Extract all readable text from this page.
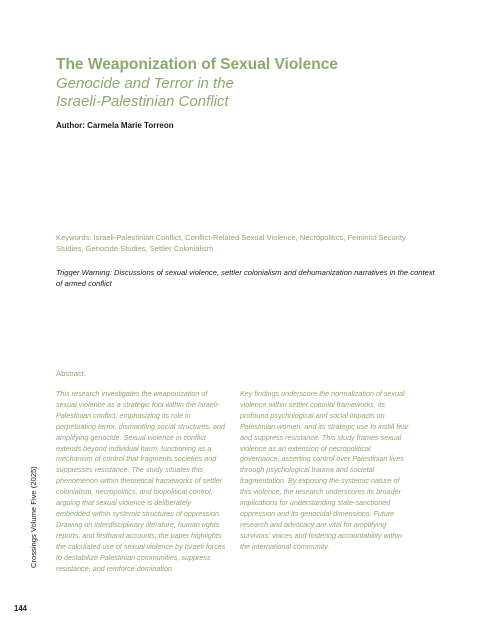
The Weaponization of Sexual Violence
Genocide and Terror in the
Israeli-Palestinian Conflict
Author: Carmela Marie Torreon

Keywords: Israeli-Palestinian Conflict, Conflict-Related Sexual Violence, Necropolitics, Feminist Security Studies, Genocide Studies, Settler Colonialism

Trigger Warning: Discussions of sexual violence, settler colonialism and dehumanization narratives in the context of armed conflict

Abstract:

This research investigates the weaponization of sexual violence as a strategic tool within the Israeli-Palestinian conflict, emphasizing its role in perpetuating terror, dismantling social structures, and amplifying genocide. Sexual violence in conflict extends beyond individual harm, functioning as a mechanism of control that fragments societies and suppresses resistance. The study situates this phenomenon within theoretical frameworks of settler colonialism, necropolitics, and biopolitical control, arguing that sexual violence is deliberately embedded within systemic structures of oppression. Drawing on interdisciplinary literature, human rights reports, and firsthand accounts, the paper highlights the calculated use of sexual violence by Israeli forces to destabilize Palestinian communities, suppress resistance, and reinforce domination.

Key findings underscore the normalization of sexual violence within settler colonial frameworks, its profound psychological and social impacts on Palestinian women, and its strategic use to instill fear and suppress resistance. This study frames sexual violence as an extension of necropolitical governance, asserting control over Palestinian lives through psychological trauma and societal fragmentation. By exposing the systemic nature of this violence, the research underscores its broader implications for understanding state-sanctioned oppression and its genocidal dimensions. Future research and advocacy are vital for amplifying survivors' voices and fostering accountability within the international community.

Crossings Volume Five (2025)
144
